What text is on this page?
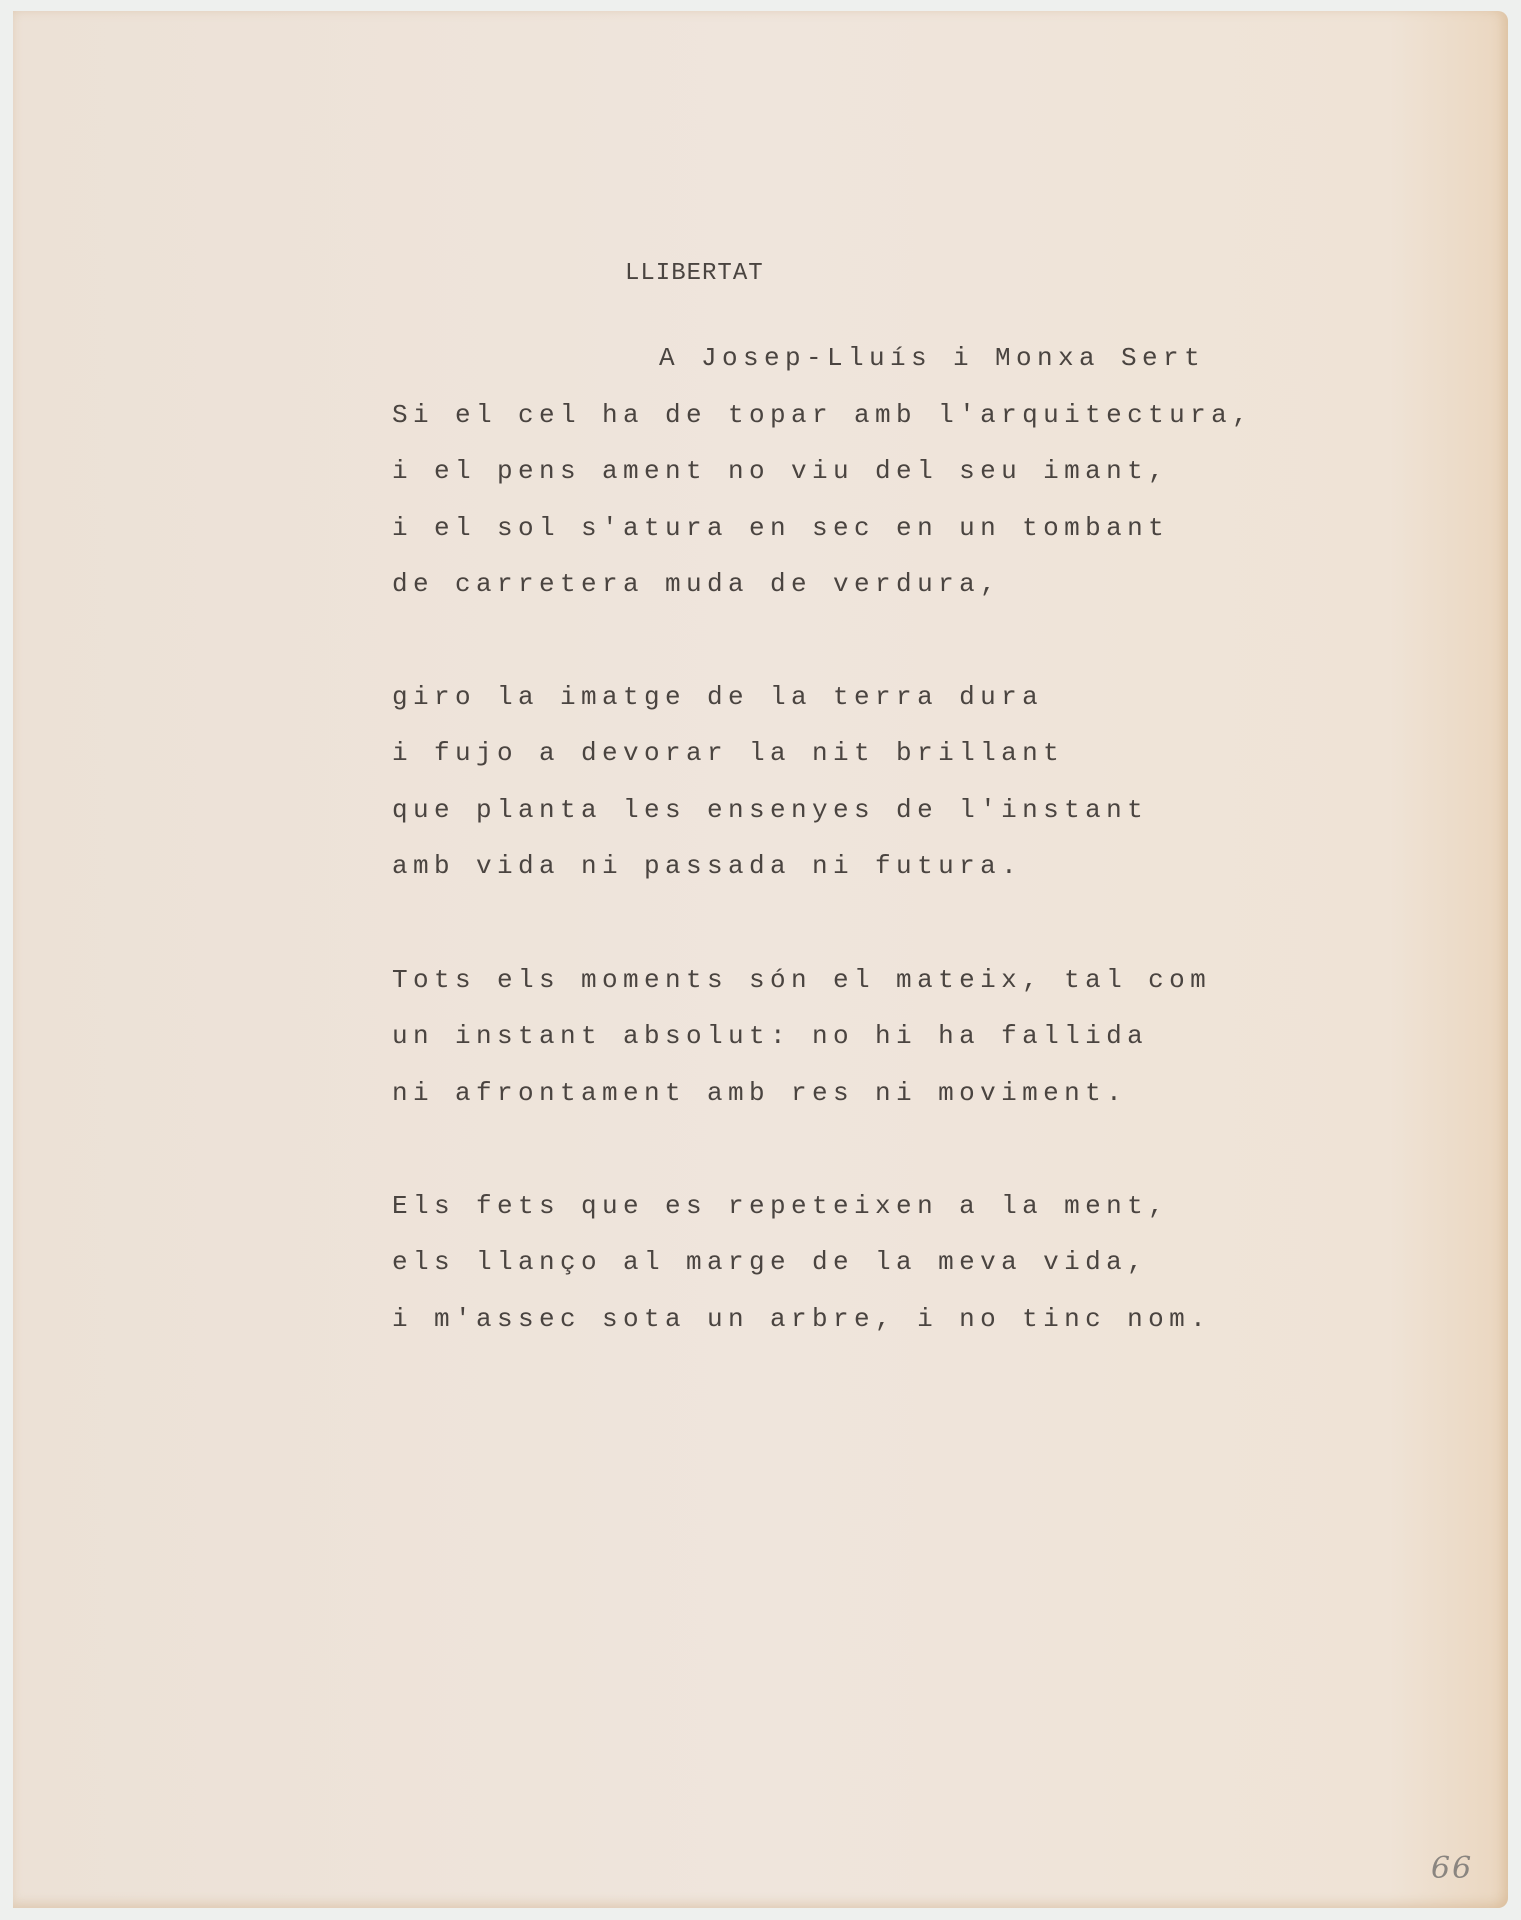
LLIBERTAT
A Josep-Lluís i Monxa Sert
Si el cel ha de topar amb l'arquitectura,
i el pens ament no viu del seu imant,
i el sol s'atura en sec en un tombant
de carretera muda de verdura,
giro la imatge de la terra dura
i fujo a devorar la nit brillant
que planta les ensenyes de l'instant
amb vida ni passada ni futura.
Tots els moments són el mateix, tal com
un instant absolut: no hi ha fallida
ni afrontament amb res ni moviment.
Els fets que es repeteixen a la ment,
els llanço al marge de la meva vida,
i m'assec sota un arbre, i no tinc nom.
66
